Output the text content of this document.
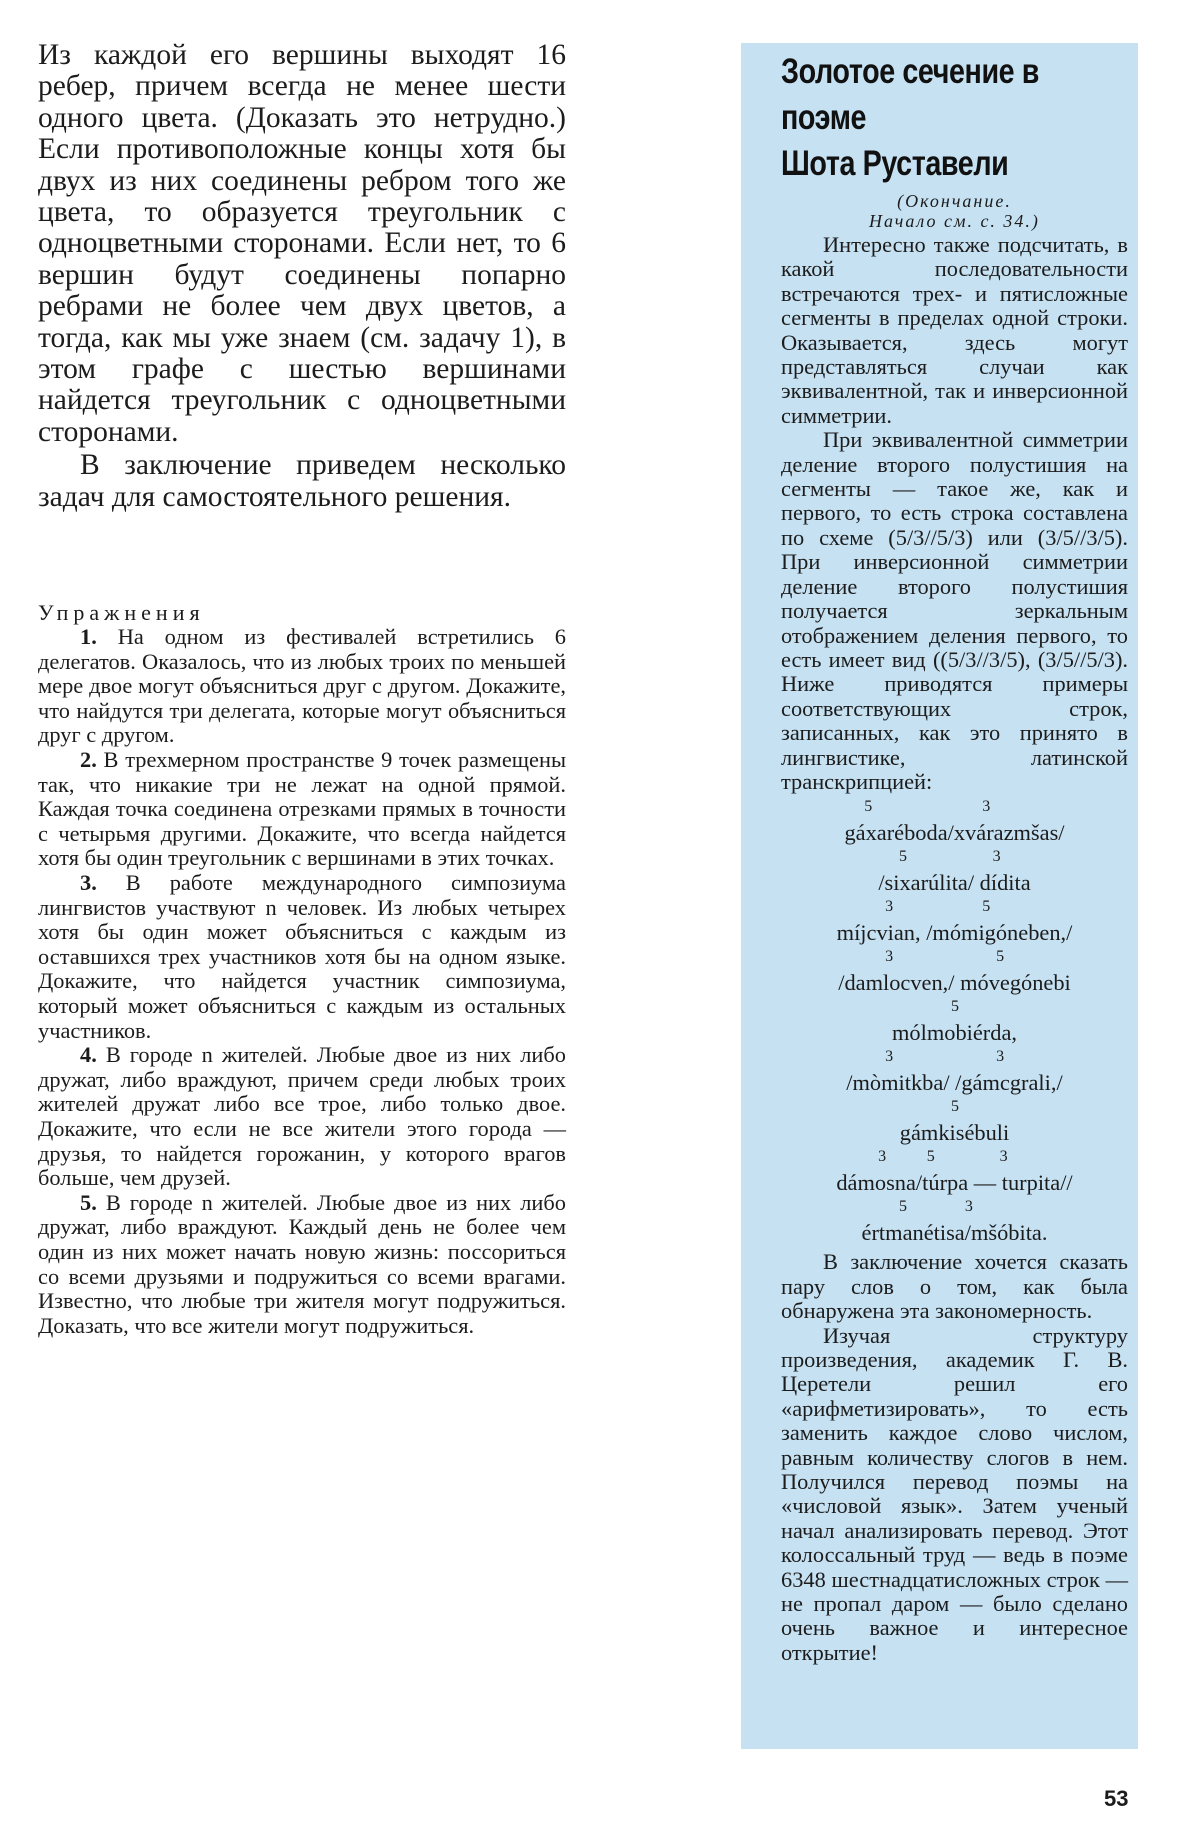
Из каждой его вершины выходят 16 ребер, причем всегда не менее шести одного цвета. (Доказать это нетрудно.) Если противоположные концы хотя бы двух из них соединены ребром того же цвета, то образуется треугольник с одноцветными сторонами. Если нет, то 6 вершин будут соединены попарно ребрами не более чем двух цветов, а тогда, как мы уже знаем (см. задачу 1), в этом графе с шестью вершинами найдется треугольник с одноцветными сторонами.

В заключение приведем несколько задач для самостоятельного решения.

Упражнения

1. На одном из фестивалей встретились 6 делегатов. Оказалось, что из любых троих по меньшей мере двое могут объясниться друг с другом. Докажите, что найдутся три делегата, которые могут объясниться друг с другом.

2. В трехмерном пространстве 9 точек размещены так, что никакие три не лежат на одной прямой. Каждая точка соединена отрезками прямых в точности с четырьмя другими. Докажите, что всегда найдется хотя бы один треугольник с вершинами в этих точках.

3. В работе международного симпозиума лингвистов участвуют n человек. Из любых четырех хотя бы один может объясниться с каждым из оставшихся трех участников хотя бы на одном языке. Докажите, что найдется участник симпозиума, который может объясниться с каждым из остальных участников.

4. В городе n жителей. Любые двое из них либо дружат, либо враждуют, причем среди любых троих жителей дружат либо все трое, либо только двое. Докажите, что если не все жители этого города — друзья, то найдется горожанин, у которого врагов больше, чем друзей.

5. В городе n жителей. Любые двое из них либо дружат, либо враждуют. Каждый день не более чем один из них может начать новую жизнь: поссориться со всеми друзьями и подружиться со всеми врагами. Известно, что любые три жителя могут подружиться. Доказать, что все жители могут подружиться.

Золотое сечение в поэме
Шота Руставели
(Окончание.
Начало см. с. 34.)

Интересно также подсчитать, в какой последовательности встречаются трех- и пятисложные сегменты в пределах одной строки. Оказывается, здесь могут представляться случаи как эквивалентной, так и инверсионной симметрии.

При эквивалентной симметрии деление второго полустишия на сегменты — такое же, как и первого, то есть строка составлена по схеме (5/3//5/3) или (3/5//3/5). При инверсионной симметрии деление второго полустишия получается зеркальным отображением деления первого, то есть имеет вид ((5/3//3/5), (3/5//5/3). Ниже приводятся примеры соответствующих строк, записанных, как это принято в лингвистике, латинской транскрипцией:

5	3
gáxaréboda/xvárazmšas/
5	3
/sixarúlita/ dídita
3	5
míjcvian, /mómigóneben,/
3	5
/damlocven,/ móvegónebi
5
mólmobiérda,
3	3
/mòmitkba/ /gámcgrali,/
5
gámkisébuli
3	5	3
dámosna/túrpa — turpita//
5	3
értmanétisa/mšóbita.

В заключение хочется сказать пару слов о том, как была обнаружена эта закономерность.

Изучая структуру произведения, академик Г. В. Церетели решил его «арифметизировать», то есть заменить каждое слово числом, равным количеству слогов в нем. Получился перевод поэмы на «числовой язык». Затем ученый начал анализировать перевод. Этот колоссальный труд — ведь в поэме 6348 шестнадцатисложных строк — не пропал даром — было сделано очень важное и интересное открытие!

53
